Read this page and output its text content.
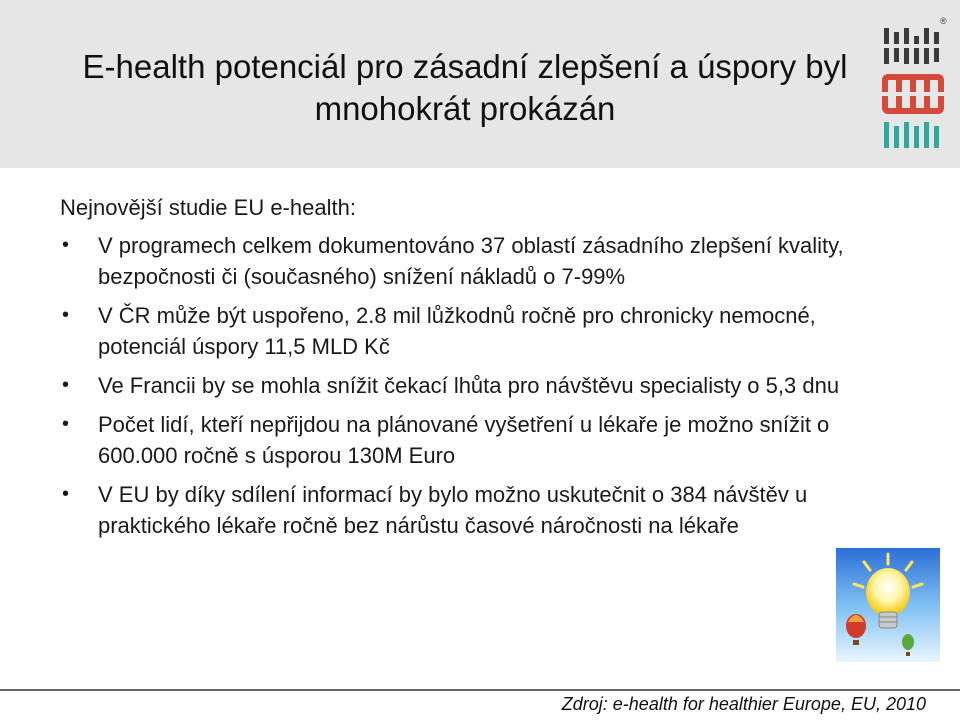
E-health potenciál pro zásadní zlepšení a úspory byl mnohokrát prokázán
®
Nejnovější studie EU e-health:
• V programech celkem dokumentováno 37 oblastí zásadního zlepšení kvality, bezpočnosti či (současného) snížení nákladů o 7-99%
• V ČR může být uspořeno, 2.8 mil lůžkodnů ročně pro chronicky nemocné, potenciál úspory 11,5 MLD Kč
• Ve Francii by se mohla snížit čekací lhůta pro návštěvu specialisty o 5,3 dnu
• Počet lidí, kteří nepřijdou na plánované vyšetření u lékaře je možno snížit o 600.000 ročně s úsporou 130M Euro
• V EU by díky sdílení informací by bylo možno uskutečnit o 384 návštěv u praktického lékaře ročně bez nárůstu časové náročnosti na lékaře
Zdroj: e-health for healthier Europe, EU, 2010
